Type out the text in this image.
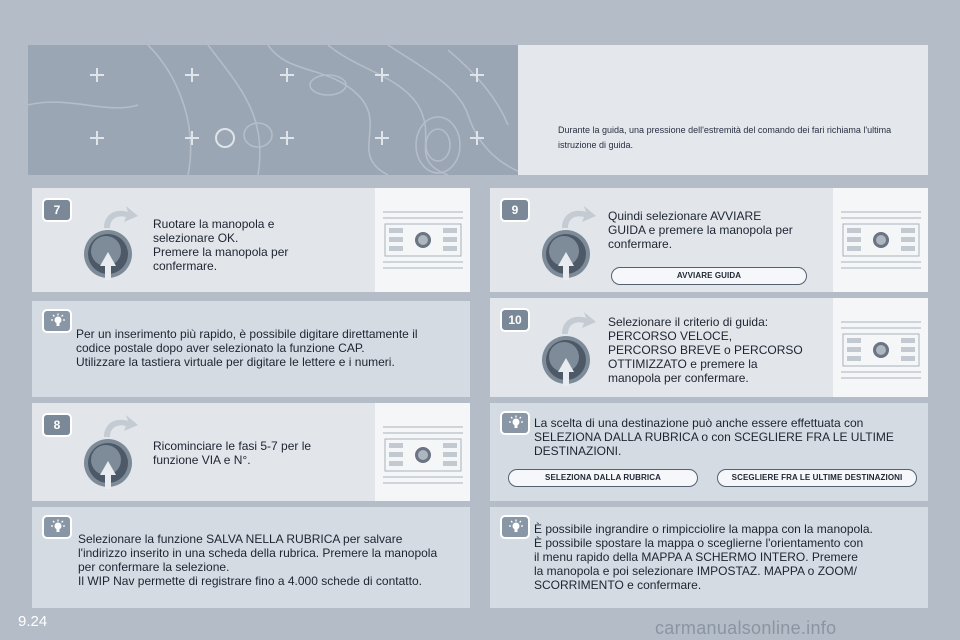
Durante la guida, una pressione dell'estremità del comando dei fari richiama l'ultima istruzione di guida.
7
Ruotare la manopola e
selezionare OK.
Premere la manopola per
confermare.
Per un inserimento più rapido, è possibile digitare direttamente il
codice postale dopo aver selezionato la funzione CAP.
Utilizzare la tastiera virtuale per digitare le lettere e i numeri.
8
Ricominciare le fasi 5-7 per le
funzione VIA e N°.
Selezionare la funzione SALVA NELLA RUBRICA per salvare
l'indirizzo inserito in una scheda della rubrica. Premere la manopola
per confermare la selezione.
Il WIP Nav permette di registrare fino a 4.000 schede di contatto.
9	Quindi selezionare AVVIARE
GUIDA e premere la manopola per
confermare.
AVVIARE GUIDA
10	Selezionare il criterio di guida:
PERCORSO VELOCE,
PERCORSO BREVE o PERCORSO
OTTIMIZZATO e premere la
manopola per confermare.
La scelta di una destinazione può anche essere effettuata con
SELEZIONA DALLA RUBRICA o con SCEGLIERE FRA LE ULTIME
DESTINAZIONI.
SELEZIONA DALLA RUBRICA	SCEGLIERE FRA LE ULTIME DESTINAZIONI
È possibile ingrandire o rimpicciolire la mappa con la manopola.
È possibile spostare la mappa o sceglierne l'orientamento con
il menu rapido della MAPPA A SCHERMO INTERO. Premere
la manopola e poi selezionare IMPOSTAZ. MAPPA o ZOOM/
SCORRIMENTO e confermare.
9.24	carmanualsonline.info
